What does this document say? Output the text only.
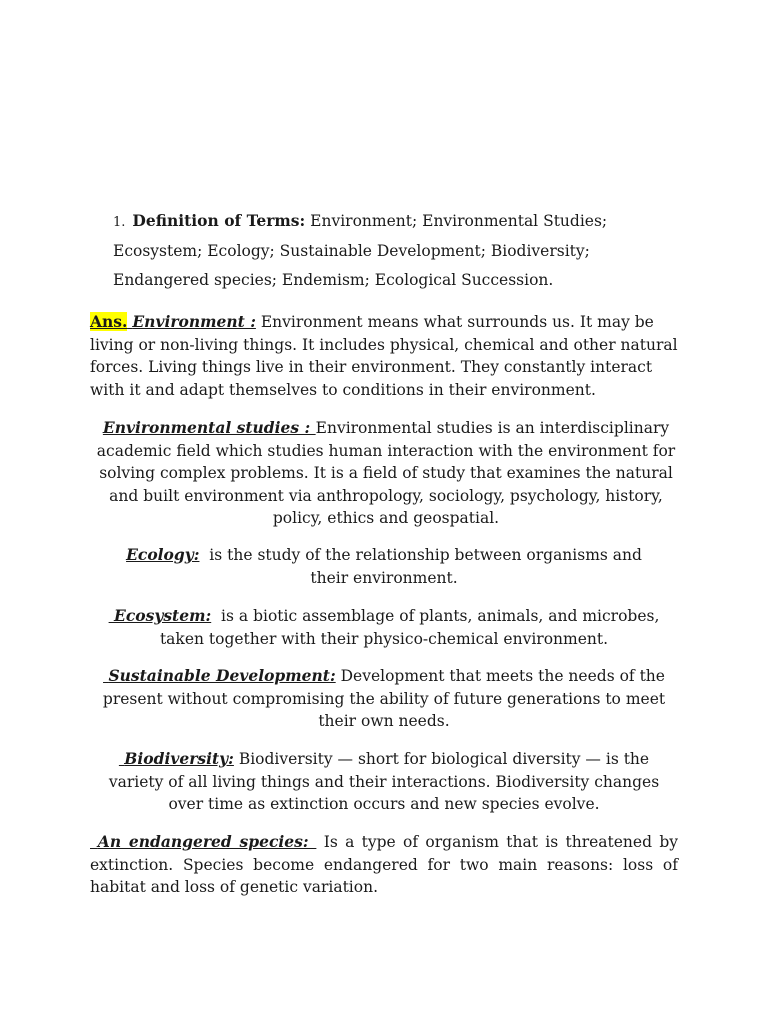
1. Definition of Terms: Environment; Environmental Studies; Ecosystem; Ecology; Sustainable Development; Biodiversity; Endangered species; Endemism; Ecological Succession.

Ans. Environment : Environment means what surrounds us. It may be living or non-living things. It includes physical, chemical and other natural forces. Living things live in their environment. They constantly interact with it and adapt themselves to conditions in their environment.

Environmental studies : Environmental studies is an interdisciplinary academic field which studies human interaction with the environment for solving complex problems. It is a field of study that examines the natural and built environment via anthropology, sociology, psychology, history, policy, ethics and geospatial.

Ecology:  is the study of the relationship between organisms and their environment.

Ecosystem:  is a biotic assemblage of plants, animals, and microbes, taken together with their physico-chemical environment.

Sustainable Development: Development that meets the needs of the present without compromising the ability of future generations to meet their own needs.

Biodiversity: Biodiversity — short for biological diversity — is the variety of all living things and their interactions. Biodiversity changes over time as extinction occurs and new species evolve.

An endangered species:  Is a type of organism that is threatened by extinction. Species become endangered for two main reasons: loss of habitat and loss of genetic variation.
